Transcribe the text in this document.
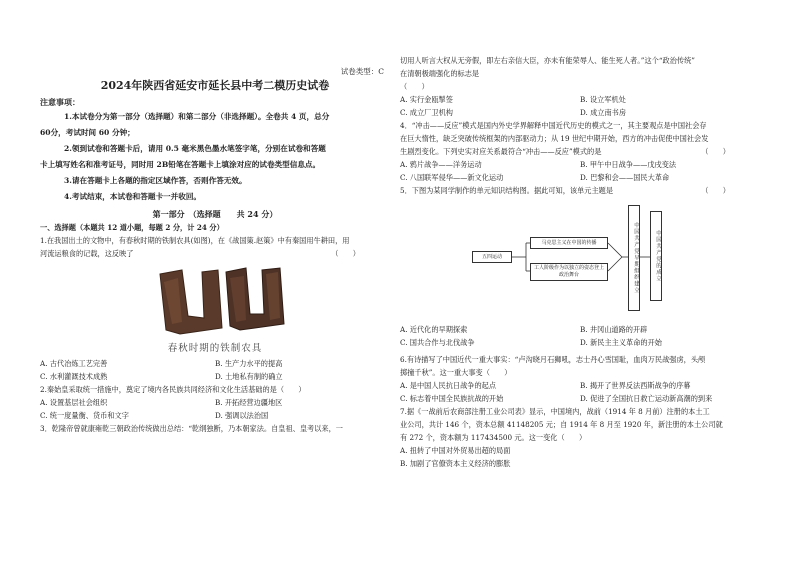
试卷类型：C
2024年陕西省延安市延长县中考二模历史试卷
注意事项：
1.本试卷分为第一部分（选择题）和第二部分（非选择题）。全卷共 4 页，总分
60分，考试时间 60 分钟；
2.领到试卷和答题卡后，请用 0.5 毫米黑色墨水笔签字笔，分别在试卷和答题
卡上填写姓名和准考证号，同时用 2B铅笔在答题卡上填涂对应的试卷类型信息点。
3.请在答题卡上各题的指定区域作答，否则作答无效。
4.考试结束，本试卷和答题卡一并收回。
第一部分　（选择题　　共 24 分）
一、选择题（本题共 12 道小题，每题 2 分，计 24 分）
1.在我国出土的文物中，有春秋时期的铁制农具(如图)，在《战国策.赵策》中有秦国用牛耕田，用
河流运粮食的记载，这反映了	（　　）
春秋时期的铁制农具
A. 古代冶炼工艺完善	B. 生产力水平的提高
C. 水利灌溉技术成熟	D. 土地私有制的确立
2.秦始皇采取统一措施中，奠定了境内各民族共同经济和文化生活基础的是（　　）
A. 设置基层社会组织	B. 开拓经营边疆地区
C. 统一度量衡、货币和文字	D. 强调以法治国
3．乾隆帝曾就康雍乾三朝政治传统做出总结：“乾纲独断，乃本朝家法。自皇祖、皇考以来，一
切用人听言大权从无旁假，即左右亲信大臣，亦未有能荣辱人、能生死人者。”这个“政治传统”
在清朝极端强化的标志是
（　　）
A. 实行金瓯掣签	B. 设立军机处
C. 成立厂卫机构	D. 成立南书房
4．“冲击——反应”模式是国内外史学界解释中国近代历史的模式之一，其主要观点是中国社会存
在巨大惰性，缺乏突破传统框架的内部驱动力；从 19 世纪中期开始，西方的冲击促使中国社会发
生剧烈变化。下列史实对应关系最符合“冲击——反应”模式的是	（　　）
A. 鸦片战争——洋务运动	B. 甲午中日战争——戊戌变法
C. 八国联军侵华——新文化运动	D. 巴黎和会——国民大革命
5．下图为某同学制作的单元知识结构图。据此可知，该单元主题是	（　　）
五四运动
马克思主义在中国的传播
工人阶级作为以独立的姿态登上政治舞台	中国共产党早期组织建立	中国共产党的成立
A. 近代化的早期探索	B. 井冈山道路的开辟
C. 国共合作与北伐战争	D. 新民主主义革命的开始
6.有诗描写了中国近代一重大事实：“卢沟晓月石狮吼，志士丹心雪国耻，血肉万民战强虏，头颅
掷撞千秋”。这一重大事变（　　）
A. 是中国人民抗日战争的起点	B. 揭开了世界反法西斯战争的序幕
C. 标志着中国全民族抗战的开始	D. 促进了全国抗日救亡运动新高潮的到来
7.据《一战前后农商部注册工业公司表》显示，中国境内，战前（1914 年 8 月前）注册的本土工
业公司，共计 146 个，资本总额 41148205 元；自 1914 年 8 月至 1920 年，新注册的本土公司就
有 272 个，资本额为 117434500 元。这一变化（　　）
A. 扭转了中国对外贸易出超的局面
B. 加剧了官僚资本主义经济的膨胀
